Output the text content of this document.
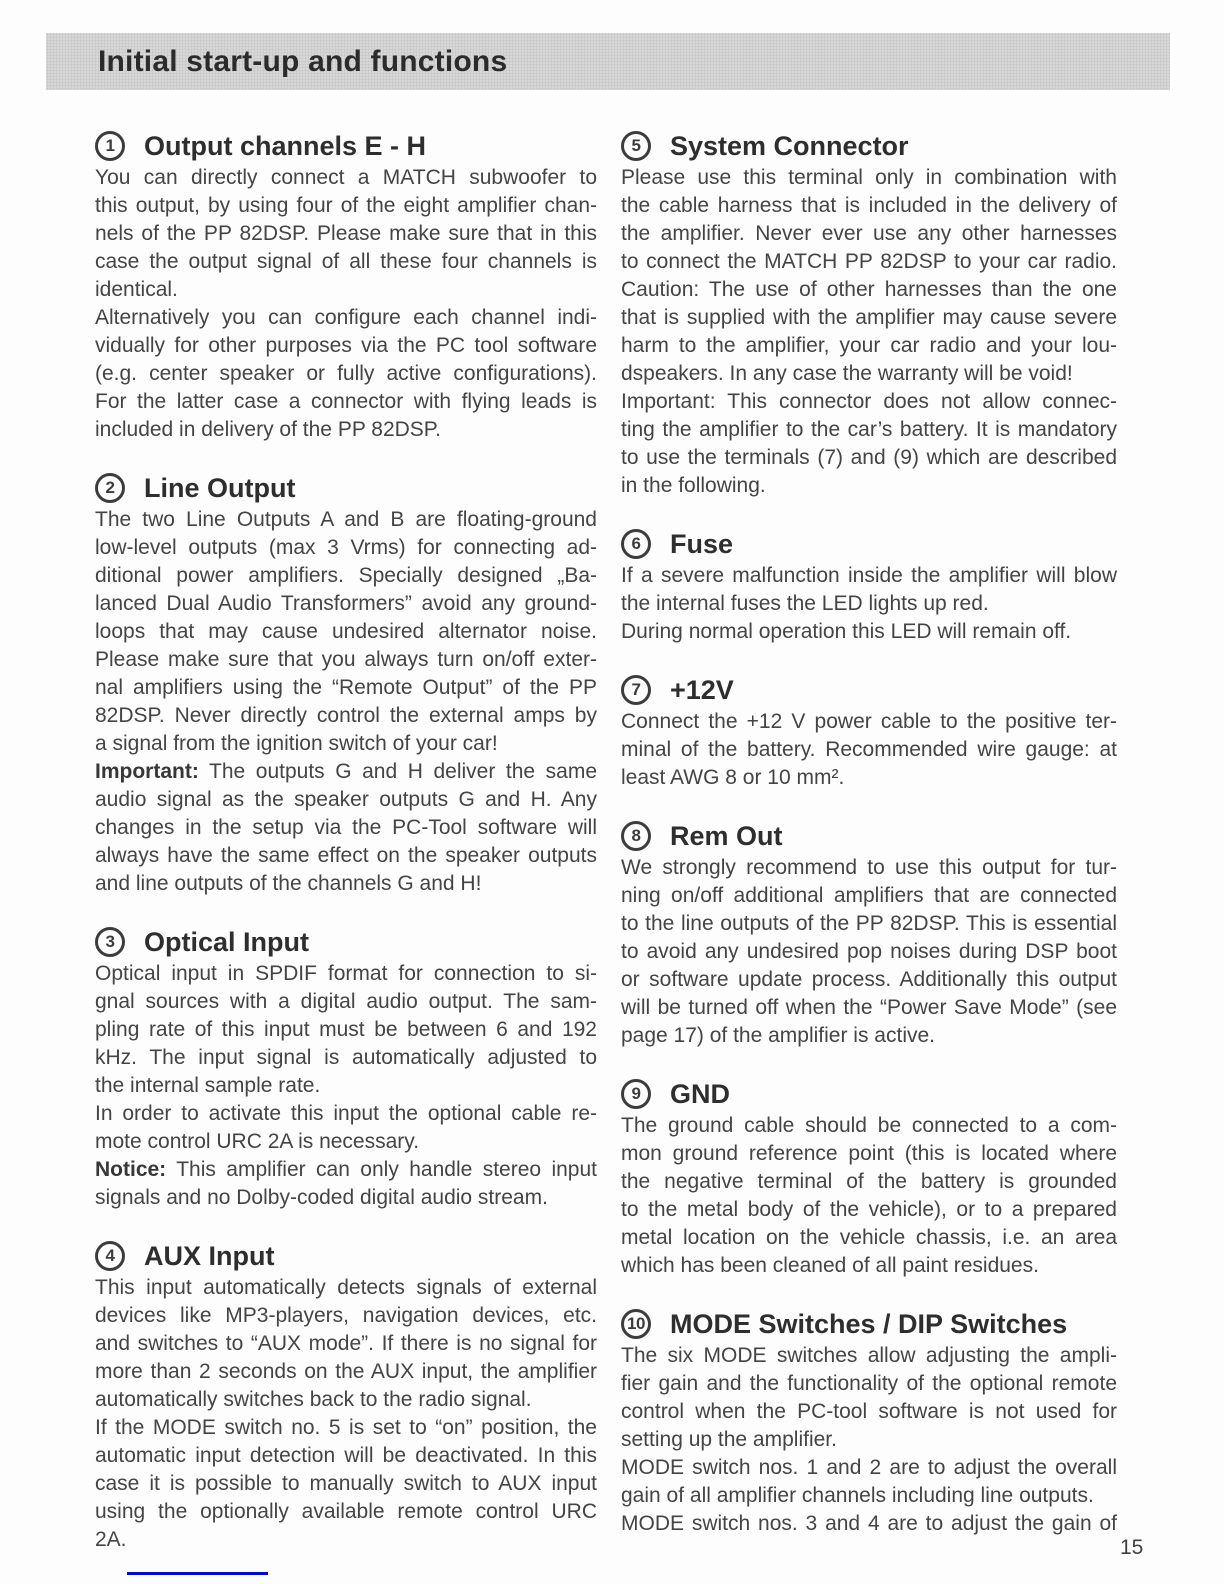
Initial start-up and functions
1	Output channels E - H
You can directly connect a MATCH subwoofer to
this output, by using four of the eight amplifier chan-
nels of the PP 82DSP. Please make sure that in this
case the output signal of all these four channels is
identical.
Alternatively you can configure each channel indi-
vidually for other purposes via the PC tool software
(e.g. center speaker or fully active configurations).
For the latter case a connector with flying leads is
included in delivery of the PP 82DSP.
2	Line Output
The two Line Outputs A and B are floating-ground
low-level outputs (max 3 Vrms) for connecting ad-
ditional power amplifiers. Specially designed „Ba-
lanced Dual Audio Transformers” avoid any ground-
loops that may cause undesired alternator noise.
Please make sure that you always turn on/off exter-
nal amplifiers using the “Remote Output” of the PP
82DSP. Never directly control the external amps by
a signal from the ignition switch of your car!
Important: The outputs G and H deliver the same
audio signal as the speaker outputs G and H. Any
changes in the setup via the PC-Tool software will
always have the same effect on the speaker outputs
and line outputs of the channels G and H!
3	Optical Input
Optical input in SPDIF format for connection to si-
gnal sources with a digital audio output. The sam-
pling rate of this input must be between 6 and 192
kHz. The input signal is automatically adjusted to
the internal sample rate.
In order to activate this input the optional cable re-
mote control URC 2A is necessary.
Notice: This amplifier can only handle stereo input
signals and no Dolby-coded digital audio stream.
4	AUX Input
This input automatically detects signals of external
devices like MP3-players, navigation devices, etc.
and switches to “AUX mode”. If there is no signal for
more than 2 seconds on the AUX input, the amplifier
automatically switches back to the radio signal.
If the MODE switch no. 5 is set to “on” position, the
automatic input detection will be deactivated. In this
case it is possible to manually switch to AUX input
using the optionally available remote control URC
2A.
5	System Connector
Please use this terminal only in combination with
the cable harness that is included in the delivery of
the amplifier. Never ever use any other harnesses
to connect the MATCH PP 82DSP to your car radio.
Caution: The use of other harnesses than the one
that is supplied with the amplifier may cause severe
harm to the amplifier, your car radio and your lou-
dspeakers. In any case the warranty will be void!
Important: This connector does not allow connec-
ting the amplifier to the car’s battery. It is mandatory
to use the terminals (7) and (9) which are described
in the following.
6	Fuse
If a severe malfunction inside the amplifier will blow
the internal fuses the LED lights up red.
During normal operation this LED will remain off.
7	+12V
Connect the +12 V power cable to the positive ter-
minal of the battery. Recommended wire gauge: at
least AWG 8 or 10 mm².
8	Rem Out
We strongly recommend to use this output for tur-
ning on/off additional amplifiers that are connected
to the line outputs of the PP 82DSP. This is essential
to avoid any undesired pop noises during DSP boot
or software update process. Additionally this output
will be turned off when the “Power Save Mode” (see
page 17) of the amplifier is active.
9	GND
The ground cable should be connected to a com-
mon ground reference point (this is located where
the negative terminal of the battery is grounded
to the metal body of the vehicle), or to a prepared
metal location on the vehicle chassis, i.e. an area
which has been cleaned of all paint residues.
10 MODE Switches / DIP Switches
The six MODE switches allow adjusting the ampli-
fier gain and the functionality of the optional remote
control when the PC-tool software is not used for
setting up the amplifier.
MODE switch nos. 1 and 2 are to adjust the overall
gain of all amplifier channels including line outputs.
MODE switch nos. 3 and 4 are to adjust the gain of
15
